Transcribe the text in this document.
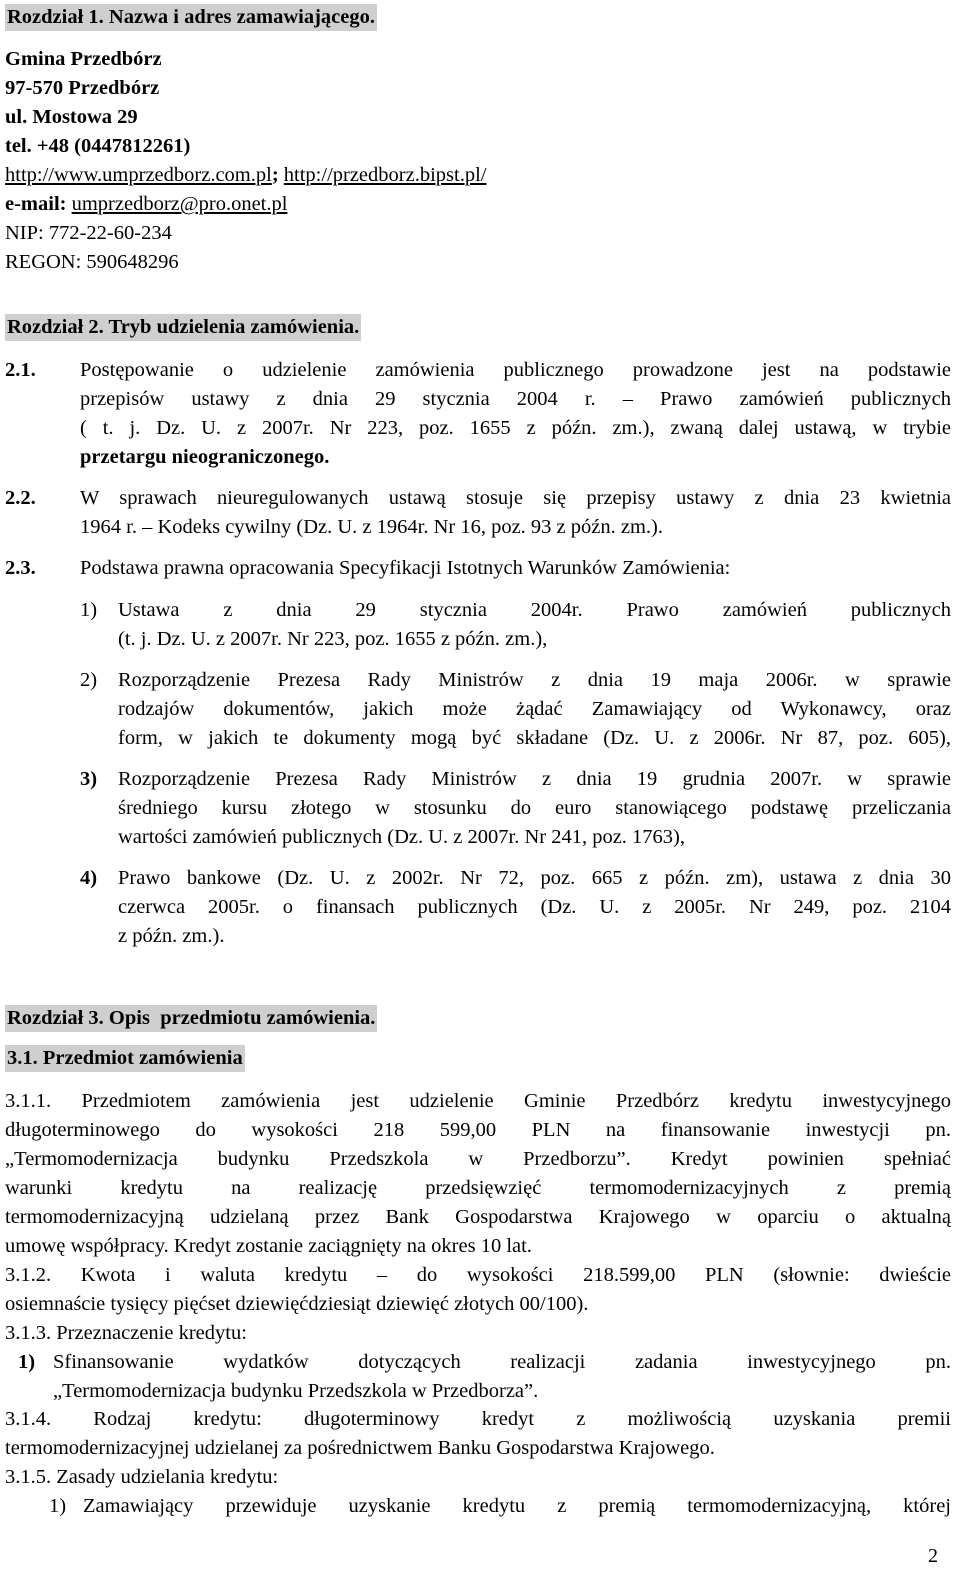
Rozdział 1. Nazwa i adres zamawiającego.
Gmina Przedbórz
97-570 Przedbórz
ul. Mostowa 29
tel. +48 (0447812261)
http://www.umprzedborz.com.pl; http://przedborz.bipst.pl/
e-mail: umprzedborz@pro.onet.pl
NIP: 772-22-60-234
REGON: 590648296
Rozdział 2. Tryb udzielenia zamówienia.
2.1. Postępowanie o udzielenie zamówienia publicznego prowadzone jest na podstawie
przepisów ustawy z dnia 29 stycznia 2004 r. – Prawo zamówień publicznych
( t. j. Dz. U. z 2007r. Nr 223, poz. 1655 z późn. zm.), zwaną dalej ustawą, w trybie
przetargu nieograniczonego.
2.2. W sprawach nieuregulowanych ustawą stosuje się przepisy ustawy z dnia 23 kwietnia
1964 r. – Kodeks cywilny (Dz. U. z 1964r. Nr 16, poz. 93 z późn. zm.).
2.3. Podstawa prawna opracowania Specyfikacji Istotnych Warunków Zamówienia:
1) Ustawa z dnia 29 stycznia 2004r. Prawo zamówień publicznych
(t. j. Dz. U. z 2007r. Nr 223, poz. 1655 z późn. zm.),
2) Rozporządzenie Prezesa Rady Ministrów z dnia 19 maja 2006r. w sprawie
rodzajów dokumentów, jakich może żądać Zamawiający od Wykonawcy, oraz
form, w jakich te dokumenty mogą być składane (Dz. U. z 2006r. Nr 87, poz. 605),
3) Rozporządzenie Prezesa Rady Ministrów z dnia 19 grudnia 2007r. w sprawie
średniego kursu złotego w stosunku do euro stanowiącego podstawę przeliczania
wartości zamówień publicznych (Dz. U. z 2007r. Nr 241, poz. 1763),
4) Prawo bankowe (Dz. U. z 2002r. Nr 72, poz. 665 z późn. zm), ustawa z dnia 30
czerwca 2005r. o finansach publicznych (Dz. U. z 2005r. Nr 249, poz. 2104
z późn. zm.).
Rozdział 3. Opis  przedmiotu zamówienia.
3.1. Przedmiot zamówienia
3.1.1. Przedmiotem zamówienia jest udzielenie Gminie Przedbórz kredytu inwestycyjnego
długoterminowego do wysokości 218 599,00 PLN na finansowanie inwestycji pn.
„Termomodernizacja budynku Przedszkola w Przedborzu”. Kredyt powinien spełniać
warunki kredytu na realizację przedsięwzięć termomodernizacyjnych z premią
termomodernizacyjną udzielaną przez Bank Gospodarstwa Krajowego w oparciu o aktualną
umowę współpracy. Kredyt zostanie zaciągnięty na okres 10 lat.
3.1.2. Kwota i waluta kredytu – do wysokości 218.599,00 PLN (słownie: dwieście
osiemnaście tysięcy pięćset dziewięćdziesiąt dziewięć złotych 00/100).
3.1.3. Przeznaczenie kredytu:
1) Sfinansowanie wydatków dotyczących realizacji zadania inwestycyjnego pn.
„Termomodernizacja budynku Przedszkola w Przedborza”.
3.1.4. Rodzaj kredytu: długoterminowy kredyt z możliwością uzyskania premii
termomodernizacyjnej udzielanej za pośrednictwem Banku Gospodarstwa Krajowego.
3.1.5. Zasady udzielania kredytu:
1) Zamawiający przewiduje uzyskanie kredytu z premią termomodernizacyjną, której
2
